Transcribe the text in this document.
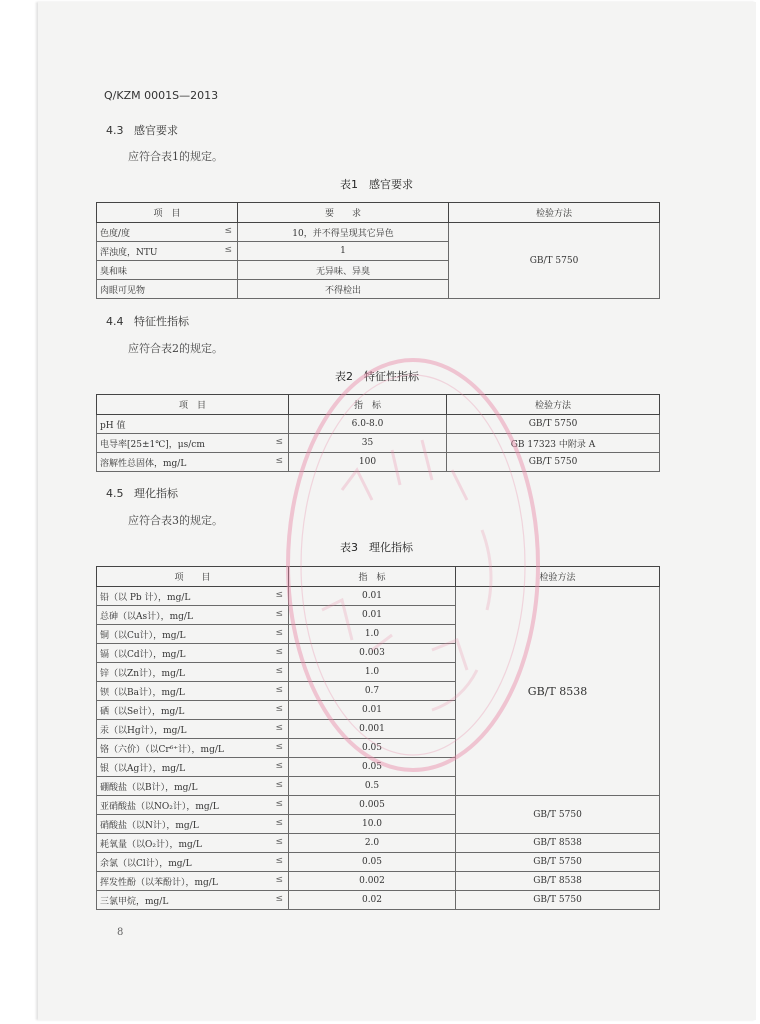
Q/KZM 0001S—2013
4.3 感官要求
应符合表1的规定。
表1　感官要求
项　目	要　　求	检验方法
色度/度 ≤	10，并不得呈现其它异色	GB/T 5750
浑浊度，NTU ≤	1	
臭和味	无异味、异臭	
肉眼可见物	不得检出	
4.4 特征性指标
应符合表2的规定。
表2　特征性指标
项　目	指　标	检验方法
pH 值	6.0-8.0	GB/T 5750
电导率[25±1℃]，μs/cm ≤	35	GB 17323 中附录 A
溶解性总固体，mg/L ≤	100	GB/T 5750
4.5 理化指标
应符合表3的规定。
表3　理化指标
项　　目	指　标	检验方法
铅（以 Pb 计），mg/L ≤	0.01	GB/T 8538
总砷（以As计），mg/L ≤	0.01	
铜（以Cu计），mg/L ≤	1.0	
镉（以Cd计），mg/L ≤	0.003	
锌（以Zn计），mg/L ≤	1.0	
钡（以Ba计），mg/L ≤	0.7	
硒（以Se计），mg/L ≤	0.01	
汞（以Hg计），mg/L ≤	0.001	
铬（六价）（以Cr⁶⁺计），mg/L ≤	0.05	
银（以Ag计），mg/L ≤	0.05	
硼酸盐（以B计），mg/L ≤	0.5	
亚硝酸盐（以NO₂计），mg/L ≤	0.005	GB/T 5750
硝酸盐（以N计），mg/L ≤	10.0	
耗氧量（以O₂计），mg/L ≤	2.0	GB/T 8538
余氯（以Cl计），mg/L ≤	0.05	GB/T 5750
挥发性酚（以苯酚计），mg/L ≤	0.002	GB/T 8538
三氯甲烷，mg/L ≤	0.02	GB/T 5750
8
